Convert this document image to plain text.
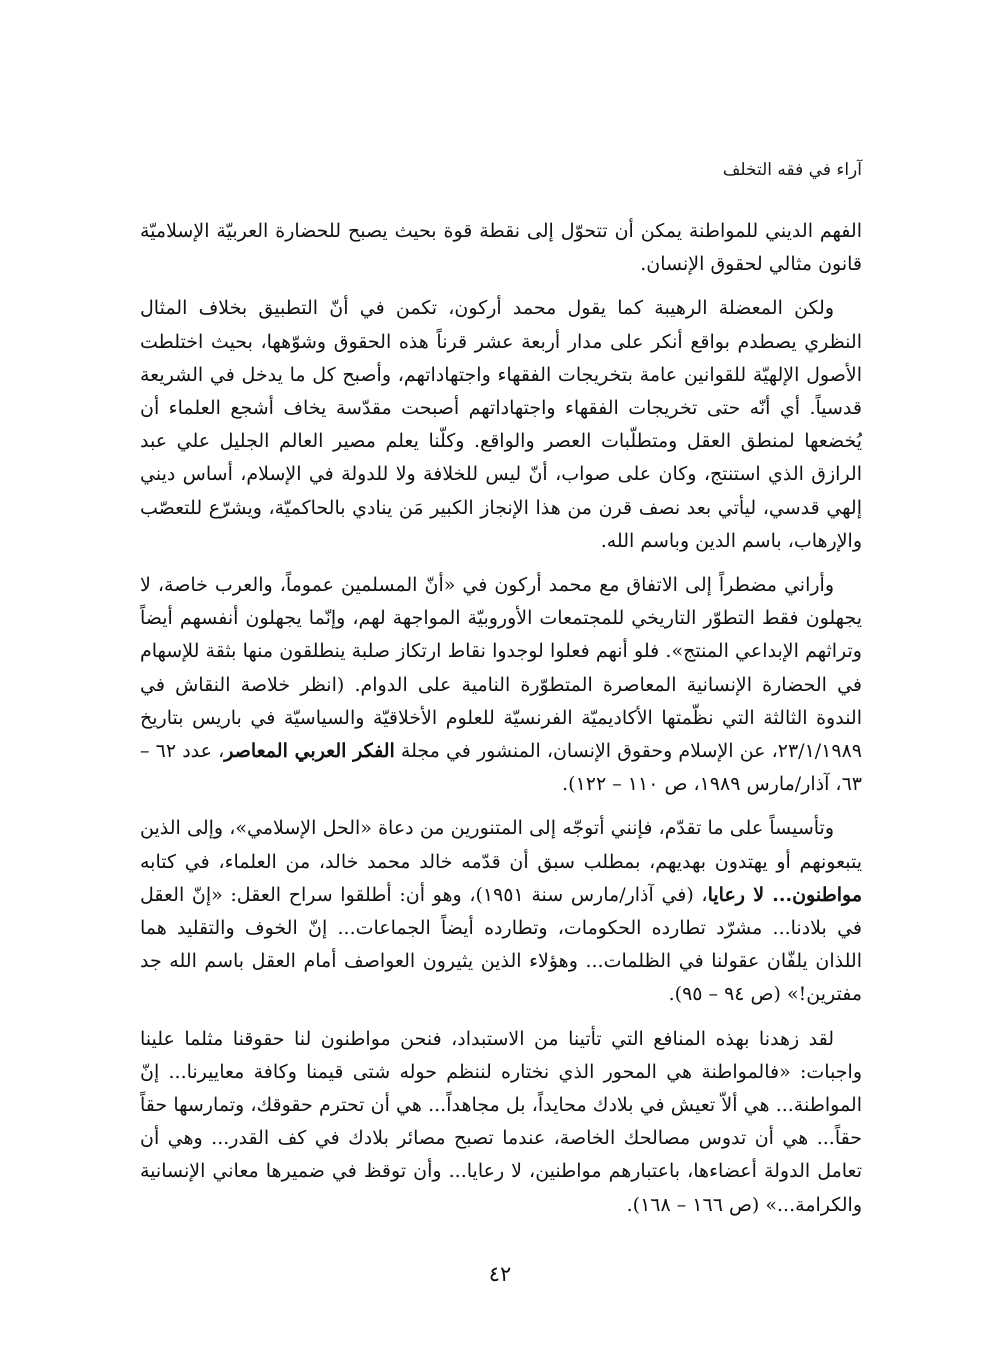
آراء في فقه التخلف

الفهم الديني للمواطنة يمكن أن تتحوّل إلى نقطة قوة بحيث يصبح للحضارة العربيّة الإسلاميّة قانون مثالي لحقوق الإنسان.

ولكن المعضلة الرهيبة كما يقول محمد أركون، تكمن في أنّ التطبيق بخلاف المثال النظري يصطدم بواقع أنكر على مدار أربعة عشر قرناً هذه الحقوق وشوّهها، بحيث اختلطت الأصول الإلهيّة للقوانين عامة بتخريجات الفقهاء واجتهاداتهم، وأصبح كل ما يدخل في الشريعة قدسياً. أي أنّه حتى تخريجات الفقهاء واجتهاداتهم أصبحت مقدّسة يخاف أشجع العلماء أن يُخضعها لمنطق العقل ومتطلّبات العصر والواقع. وكلّنا يعلم مصير العالم الجليل علي عبد الرازق الذي استنتج، وكان على صواب، أنّ ليس للخلافة ولا للدولة في الإسلام، أساس ديني إلهي قدسي، ليأتي بعد نصف قرن من هذا الإنجاز الكبير مَن ينادي بالحاكميّة، ويشرّع للتعصّب والإرهاب، باسم الدين وباسم الله.

وأراني مضطراً إلى الاتفاق مع محمد أركون في «أنّ المسلمين عموماً، والعرب خاصة، لا يجهلون فقط التطوّر التاريخي للمجتمعات الأوروبيّة المواجهة لهم، وإنّما يجهلون أنفسهم أيضاً وتراثهم الإبداعي المنتج». فلو أنهم فعلوا لوجدوا نقاط ارتكاز صلبة ينطلقون منها بثقة للإسهام في الحضارة الإنسانية المعاصرة المتطوّرة النامية على الدوام. (انظر خلاصة النقاش في الندوة الثالثة التي نظّمتها الأكاديميّة الفرنسيّة للعلوم الأخلاقيّة والسياسيّة في باريس بتاريخ ٢٣/١/١٩٨٩، عن الإسلام وحقوق الإنسان، المنشور في مجلة الفكر العربي المعاصر، عدد ٦٢ – ٦٣، آذار/مارس ١٩٨٩، ص ١١٠ – ١٢٢).

وتأسيساً على ما تقدّم، فإنني أتوجّه إلى المتنورين من دعاة «الحل الإسلامي»، وإلى الذين يتبعونهم أو يهتدون بهديهم، بمطلب سبق أن قدّمه خالد محمد خالد، من العلماء، في كتابه مواطنون... لا رعايا، (في آذار/مارس سنة ١٩٥١)، وهو أن: أطلقوا سراح العقل: «إنّ العقل في بلادنا... مشرّد تطارده الحكومات، وتطارده أيضاً الجماعات... إنّ الخوف والتقليد هما اللذان يلفّان عقولنا في الظلمات... وهؤلاء الذين يثيرون العواصف أمام العقل باسم الله جد مفترين!» (ص ٩٤ – ٩٥).

لقد زهدنا بهذه المنافع التي تأتينا من الاستبداد، فنحن مواطنون لنا حقوقنا مثلما علينا واجبات: «فالمواطنة هي المحور الذي نختاره لننظم حوله شتى قيمنا وكافة معاييرنا... إنّ المواطنة... هي ألاّ تعيش في بلادك محايداً، بل مجاهداً... هي أن تحترم حقوقك، وتمارسها حقاً حقاً... هي أن تدوس مصالحك الخاصة، عندما تصبح مصائر بلادك في كف القدر... وهي أن تعامل الدولة أعضاءها، باعتبارهم مواطنين، لا رعايا... وأن توقظ في ضميرها معاني الإنسانية والكرامة...» (ص ١٦٦ – ١٦٨).

٤٢
